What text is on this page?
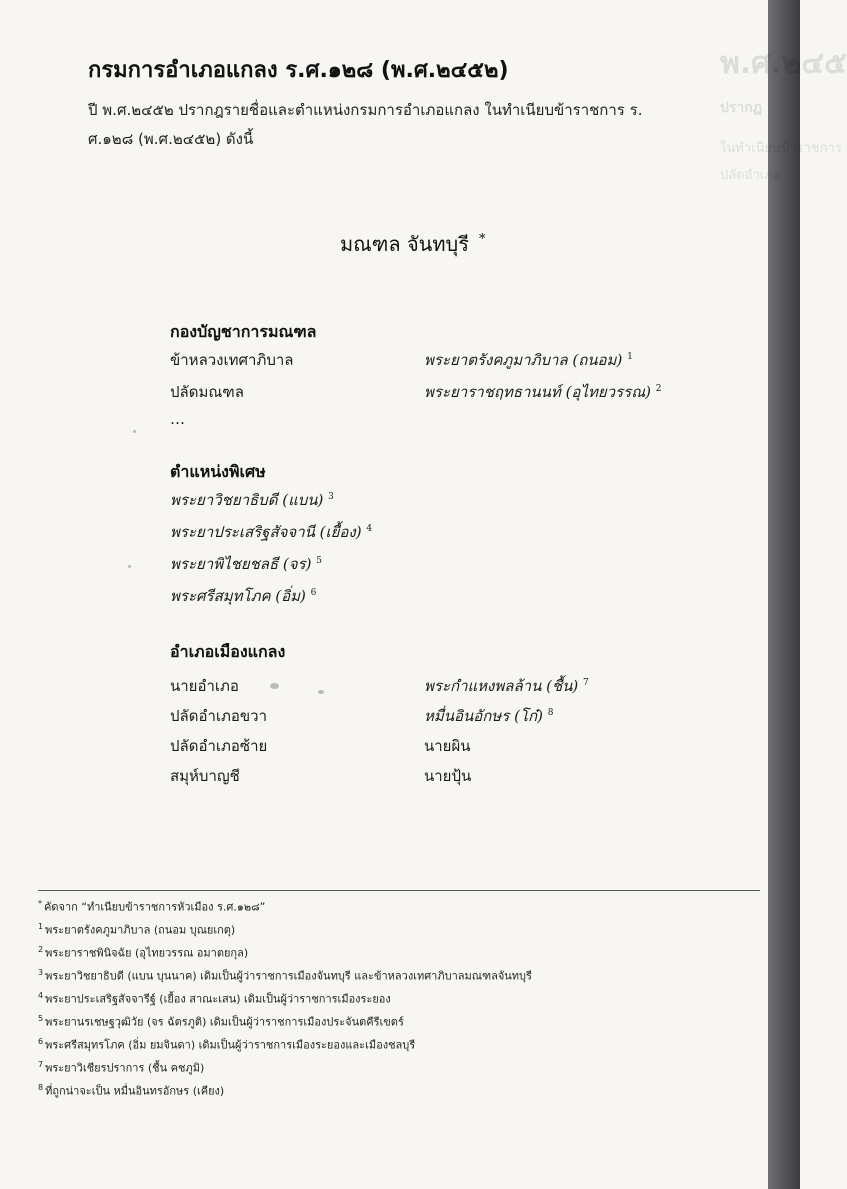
พ.ศ.๒๔๕
ปรากฏ
ในทำเนียบข้าราชการ
ปลัดอำเภอ
กรมการอำเภอแกลง ร.ศ.๑๒๘ (พ.ศ.๒๔๕๒)
ปี พ.ศ.๒๔๕๒ ปรากฎรายชื่อและตำแหน่งกรมการอำเภอแกลง ในทำเนียบข้าราชการ ร.
ศ.๑๒๘ (พ.ศ.๒๔๕๒) ดังนี้
มณฑล จันทบุรี *
กองบัญชาการมณฑล
ข้าหลวงเทศาภิบาล	พระยาตรังคภูมาภิบาล (ถนอม) $^1$
ปลัดมณฑล	พระยาราชฤทธานนท์ (อุไทยวรรณ) $^2$
…
ตำแหน่งพิเศษ
พระยาวิชยาธิบดี (แบน) $^3$
พระยาประเสริฐสัจจานี (เยื้อง) $^4$
พระยาพิไชยชลธี (จร) $^5$
พระศรีสมุทโภค (อิ่ม) $^6$
อำเภอเมืองแกลง
นายอำเภอ	พระกำแหงพลล้าน (ชื้น) $^7$
ปลัดอำเภอขวา	หมื่นอินอักษร (โก๋) $^8$
ปลัดอำเภอซ้าย	นายผิน
สมุห์บาญชี	นายปุ้น
* คัดจาก “ทำเนียบข้าราชการหัวเมือง ร.ศ.๑๒๘”
$^1$ พระยาตรังคภูมาภิบาล (ถนอม บุณยเกตุ)
$^2$ พระยาราชพินิจฉัย (อุไทยวรรณ อมาตยกุล)
$^3$ พระยาวิชยาธิบดี (แบน บุนนาค) เดิมเป็นผู้ว่าราชการเมืองจันทบุรี และข้าหลวงเทศาภิบาลมณฑลจันทบุรี
$^4$ พระยาประเสริฐสัจจารีฐ์ (เยื้อง สาณะเสน) เดิมเป็นผู้ว่าราชการเมืองระยอง
$^5$ พระยานรเชษฐวุฒิวัย (จร ฉัตรภูติ) เดิมเป็นผู้ว่าราชการเมืองประจันตคีรีเขตร์
$^6$ พระศรีสมุทรโภค (อิ่ม ยมจินดา) เดิมเป็นผู้ว่าราชการเมืองระยองและเมืองชลบุรี
$^7$ พระยาวิเชียรปราการ (ชื้น คชภูมิ)
$^8$ ที่ถูกน่าจะเป็น หมื่นอินทรอักษร (เคียง)
